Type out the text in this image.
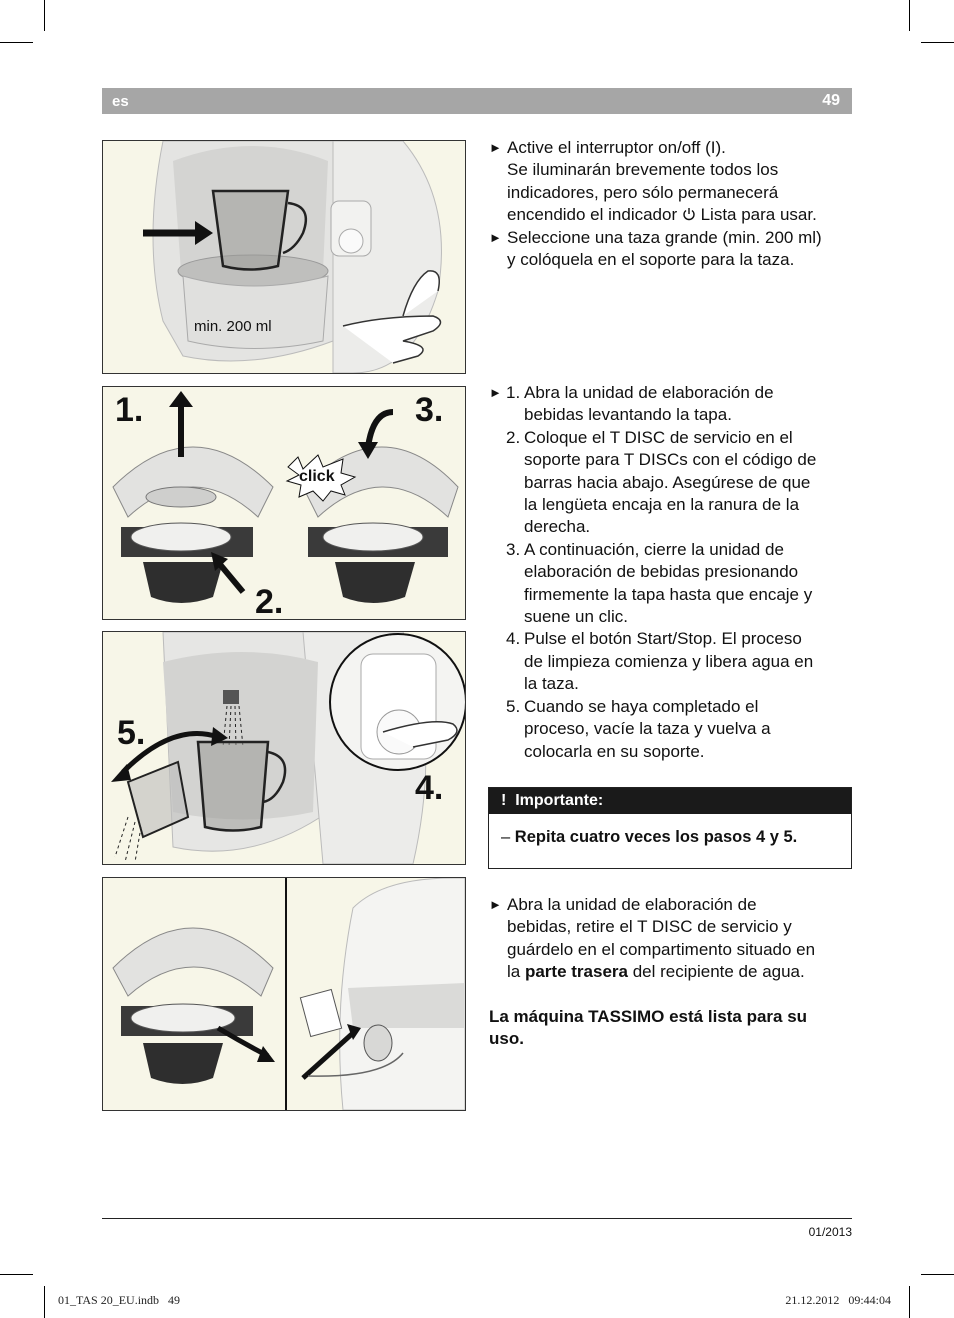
es	49
min. 200 ml
► Active el interruptor on/off (I).
Se iluminarán brevemente todos los
indicadores, pero sólo permanecerá
encendido el indicador Lista para usar.
► Seleccione una taza grande (min. 200 ml)
y colóquela en el soporte para la taza.
1.	3.
2.
click
5.
4.
► 1. Abra la unidad de elaboración de
bebidas levantando la tapa.
2. Coloque el T DISC de servicio en el
soporte para T DISCs con el código de
barras hacia abajo. Asegúrese de que
la lengüeta encaja en la ranura de la
derecha.
3. A continuación, cierre la unidad de
elaboración de bebidas presionando
firmemente la tapa hasta que encaje y
suene un clic.
4. Pulse el botón Start/Stop. El proceso
de limpieza comienza y libera agua en
la taza.
5. Cuando se haya completado el
proceso, vacíe la taza y vuelva a
colocarla en su soporte.
! Importante:
– Repita cuatro veces los pasos 4 y 5.
► Abra la unidad de elaboración de
bebidas, retire el T DISC de servicio y
guárdelo en el compartimento situado en
la parte trasera del recipiente de agua.
La máquina TASSIMO está lista para su
uso.
01/2013
01_TAS 20_EU.indb   49	21.12.2012   09:44:04
